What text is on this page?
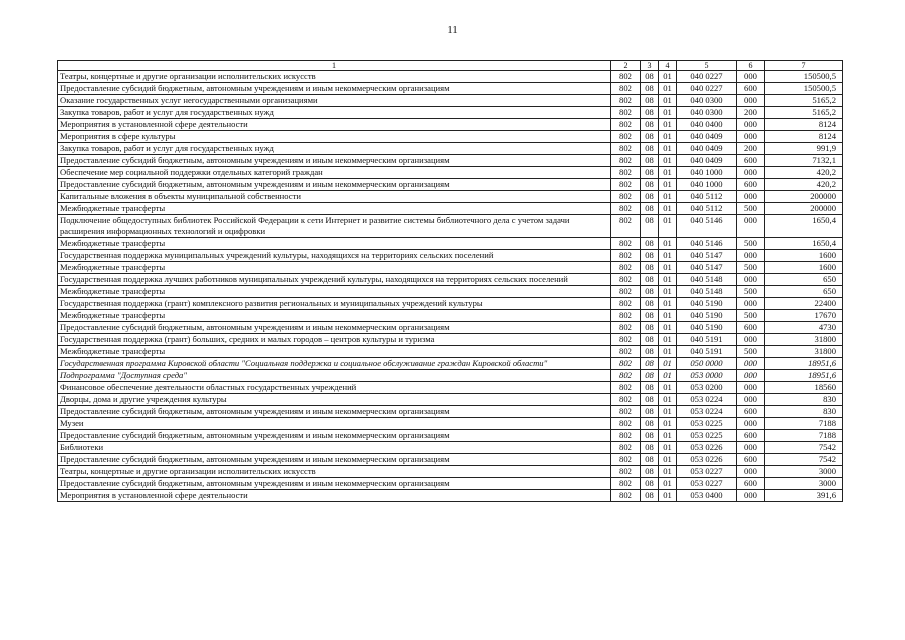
11
1	2	3	4	5	6	7
Театры, концертные и другие организации исполнительских искусств	802	08	01	040 0227	000	150500,5
Предоставление субсидий бюджетным, автономным учреждениям и иным некоммерческим организациям	802	08	01	040 0227	600	150500,5
Оказание государственных услуг негосударственными организациями	802	08	01	040 0300	000	5165,2
Закупка товаров, работ и услуг для государственных нужд	802	08	01	040 0300	200	5165,2
Мероприятия в установленной сфере деятельности	802	08	01	040 0400	000	8124
Мероприятия в сфере культуры	802	08	01	040 0409	000	8124
Закупка товаров, работ и услуг для государственных нужд	802	08	01	040 0409	200	991,9
Предоставление субсидий бюджетным, автономным учреждениям и иным некоммерческим организациям	802	08	01	040 0409	600	7132,1
Обеспечение мер социальной поддержки отдельных категорий граждан	802	08	01	040 1000	000	420,2
Предоставление субсидий бюджетным, автономным учреждениям и иным некоммерческим организациям	802	08	01	040 1000	600	420,2
Капитальные вложения в объекты муниципальной собственности	802	08	01	040 5112	000	200000
Межбюджетные трансферты	802	08	01	040 5112	500	200000
Подключение общедоступных библиотек Российской Федерации к сети Интернет и развитие системы библиотечного дела с учетом задачи расширения информационных технологий и оцифровки	802	08	01	040 5146	000	1650,4
Межбюджетные трансферты	802	08	01	040 5146	500	1650,4
Государственная поддержка муниципальных учреждений культуры, находящихся на территориях сельских поселений	802	08	01	040 5147	000	1600
Межбюджетные трансферты	802	08	01	040 5147	500	1600
Государственная поддержка лучших работников муниципальных учреждений культуры, находящихся на территориях сельских поселений	802	08	01	040 5148	000	650
Межбюджетные трансферты	802	08	01	040 5148	500	650
Государственная поддержка (грант) комплексного развития региональных и муниципальных учреждений культуры	802	08	01	040 5190	000	22400
Межбюджетные трансферты	802	08	01	040 5190	500	17670
Предоставление субсидий бюджетным, автономным учреждениям и иным некоммерческим организациям	802	08	01	040 5190	600	4730
Государственная поддержка (грант) больших, средних и малых городов – центров культуры и туризма	802	08	01	040 5191	000	31800
Межбюджетные трансферты	802	08	01	040 5191	500	31800
Государственная программа Кировской области "Социальная поддержка и социальное обслуживание граждан Кировской области"	802	08	01	050 0000	000	18951,6
Подпрограмма "Доступная среда"	802	08	01	053 0000	000	18951,6
Финансовое обеспечение деятельности областных государственных учреждений	802	08	01	053 0200	000	18560
Дворцы, дома и другие учреждения культуры	802	08	01	053 0224	000	830
Предоставление субсидий бюджетным, автономным учреждениям и иным некоммерческим организациям	802	08	01	053 0224	600	830
Музеи	802	08	01	053 0225	000	7188
Предоставление субсидий бюджетным, автономным учреждениям и иным некоммерческим организациям	802	08	01	053 0225	600	7188
Библиотеки	802	08	01	053 0226	000	7542
Предоставление субсидий бюджетным, автономным учреждениям и иным некоммерческим организациям	802	08	01	053 0226	600	7542
Театры, концертные и другие организации исполнительских искусств	802	08	01	053 0227	000	3000
Предоставление субсидий бюджетным, автономным учреждениям и иным некоммерческим организациям	802	08	01	053 0227	600	3000
Мероприятия в установленной сфере деятельности	802	08	01	053 0400	000	391,6
